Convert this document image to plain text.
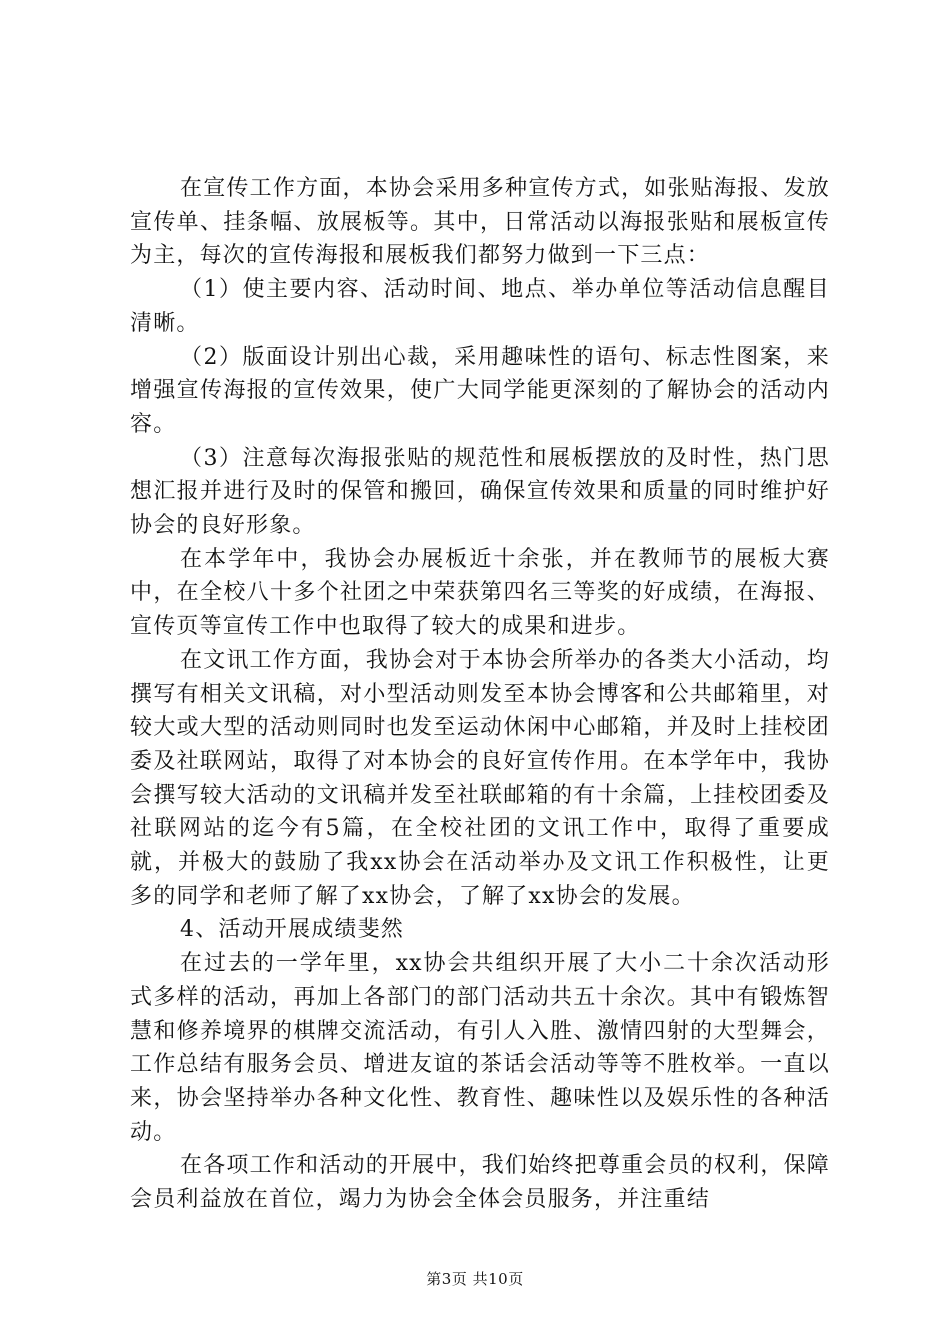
在宣传工作方面，本协会采用多种宣传方式，如张贴海报、发放宣传单、挂条幅、放展板等。其中，日常活动以海报张贴和展板宣传为主，每次的宣传海报和展板我们都努力做到一下三点：

（1）使主要内容、活动时间、地点、举办单位等活动信息醒目清晰。

（2）版面设计别出心裁，采用趣味性的语句、标志性图案，来增强宣传海报的宣传效果，使广大同学能更深刻的了解协会的活动内容。

（3）注意每次海报张贴的规范性和展板摆放的及时性，热门思想汇报并进行及时的保管和搬回，确保宣传效果和质量的同时维护好协会的良好形象。

在本学年中，我协会办展板近十余张，并在教师节的展板大赛中，在全校八十多个社团之中荣获第四名三等奖的好成绩，在海报、宣传页等宣传工作中也取得了较大的成果和进步。

在文讯工作方面，我协会对于本协会所举办的各类大小活动，均撰写有相关文讯稿，对小型活动则发至本协会博客和公共邮箱里，对较大或大型的活动则同时也发至运动休闲中心邮箱，并及时上挂校团委及社联网站，取得了对本协会的良好宣传作用。在本学年中，我协会撰写较大活动的文讯稿并发至社联邮箱的有十余篇，上挂校团委及社联网站的迄今有5篇，在全校社团的文讯工作中，取得了重要成就，并极大的鼓励了我xx协会在活动举办及文讯工作积极性，让更多的同学和老师了解了xx协会，了解了xx协会的发展。

4、活动开展成绩斐然

在过去的一学年里，xx协会共组织开展了大小二十余次活动形式多样的活动，再加上各部门的部门活动共五十余次。其中有锻炼智慧和修养境界的棋牌交流活动，有引人入胜、激情四射的大型舞会，工作总结有服务会员、增进友谊的茶话会活动等等不胜枚举。一直以来，协会坚持举办各种文化性、教育性、趣味性以及娱乐性的各种活动。

在各项工作和活动的开展中，我们始终把尊重会员的权利，保障会员利益放在首位，竭力为协会全体会员服务，并注重结

第3页 共10页
